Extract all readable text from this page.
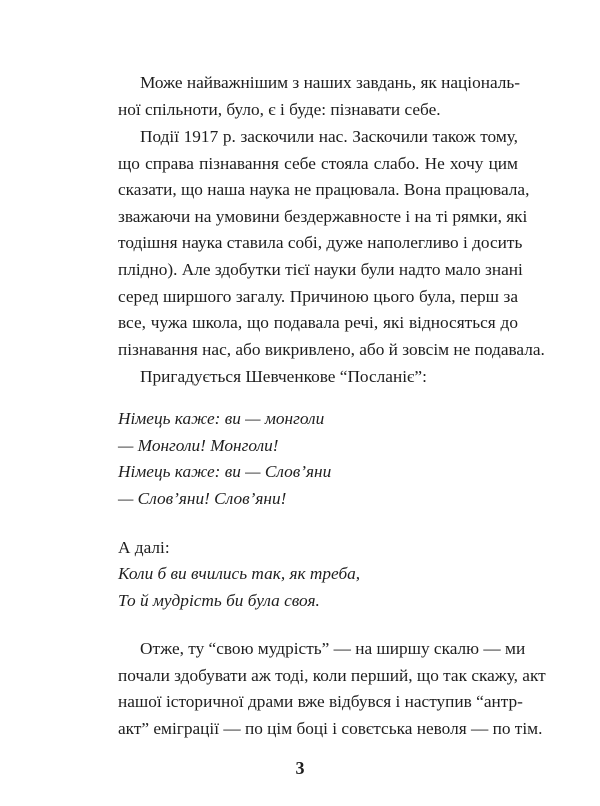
Може найважнішим з наших завдань, як національ-
ної спільноти, було, є і буде: пізнавати себе.
Події 1917 р. заскочили нас. Заскочили також тому,
що справа пізнавання себе стояла слабо. Не хочу цим
сказати, що наша наука не працювала. Вона працювала,
зважаючи на умовини бездержавносте і на ті рямки, які
тодішня наука ставила собі, дуже наполегливо і досить
плідно). Але здобутки тієї науки були надто мало знані
серед ширшого загалу. Причиною цього була, перш за
все, чужа школа, що подавала речі, які відносяться до
пізнавання нас, або викривлено, або й зовсім не подавала.
Пригадується Шевченкове “Посланіє”:
Німець каже: ви — монголи
— Монголи! Монголи!
Німець каже: ви — Слов’яни
— Слов’яни! Слов’яни!
А далі:
Коли б ви вчились так, як треба,
То й мудрість би була своя.
Отже, ту “свою мудрість” — на ширшу скалю — ми
почали здобувати аж тоді, коли перший, що так скажу, акт
нашої історичної драми вже відбувся і наступив “антр-
акт” еміграції — по цім боці і совєтська неволя — по тім.
3
